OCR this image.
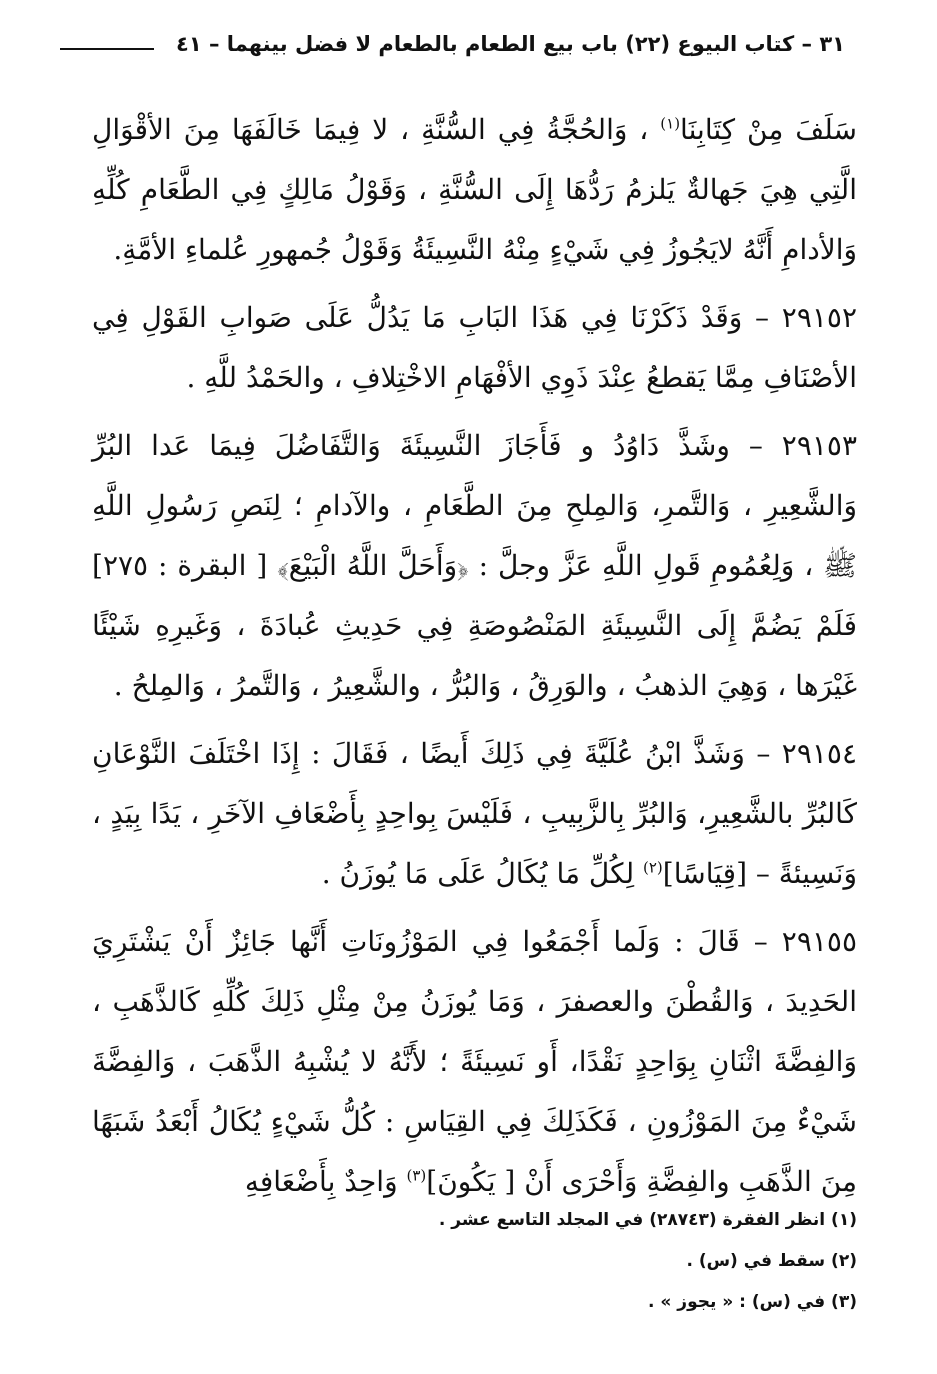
٣١ – كتاب البيوع (٢٢) باب بيع الطعام بالطعام لا فضل بينهما – ٤١

سَلَفَ مِنْ كِتَابِنَا$^{(١)}$ ، وَالحُجَّةُ فِي السُّنَّةِ ، لا فِيمَا خَالَفَهَا مِنَ الأقْوَالِ الَّتِي هِيَ جَهالةٌ يَلزمُ رَدُّهَا إِلَى السُّنَّةِ ، وَقَوْلُ مَالِكٍ فِي الطَّعَامِ كُلِّهِ وَالأدامِ أَنَّهُ لايَجُوزُ فِي شَيْءٍ مِنْهُ النَّسِيئَةُ وَقَوْلُ جُمهورِ عُلماءِ الأمَّةِ.

٢٩١٥٢ – وَقَدْ ذَكَرْنَا فِي هَذَا البَابِ مَا يَدُلُّ عَلَى صَوابِ القَوْلِ فِي الأصْنَافِ مِمَّا يَقطعُ عِنْدَ ذَوِي الأفْهَامِ الاخْتِلافِ ، والحَمْدُ للَّهِ .

٢٩١٥٣ – وشَذَّ دَاوُدُ و فَأَجَازَ النَّسِيئَةَ وَالتَّفَاضُلَ فِيمَا عَدا البُرِّ وَالشَّعِيرِ ، وَالتَّمرِ، وَالمِلحِ مِنَ الطَّعَامِ ، والآدامِ ؛ لِنَصِ رَسُولِ اللَّهِ ﷺ ، وَلِعُمُومِ قَولِ اللَّهِ عَزَّ وجلَّ : ﴿وَأَحَلَّ اللَّهُ الْبَيْعَ﴾ [ البقرة : ٢٧٥] فَلَمْ يَضُمَّ إِلَى النَّسِيئَةِ المَنْصُوصَةِ فِي حَدِيثِ عُبادَةَ ، وَغَيرِهِ شَيْئًا غَيْرَها ، وَهِيَ الذهبُ ، والوَرِقُ ، وَالبُرُّ ، والشَّعِيرُ ، وَالتَّمرُ ، وَالمِلحُ .

٢٩١٥٤ – وَشَذَّ ابْنُ عُلَيَّةَ فِي ذَلِكَ أَيضًا ، فَقَالَ : إِذَا اخْتَلَفَ النَّوْعَانِ كَالبُرِّ بالشَّعِيرِ، وَالبُرِّ بِالزَّبِيبِ ، فَلَيْسَ بِواحِدٍ بِأَضْعَافِ الآخَرِ ، يَدًا بِيَدٍ ، وَنَسِيئةً – [قِيَاسًا]$^{(٢)}$ لِكُلِّ مَا يُكَالُ عَلَى مَا يُوزَنُ .

٢٩١٥٥ – قَالَ : وَلَما أَجْمَعُوا فِي المَوْزُونَاتِ أَنَّها جَائِزٌ أَنْ يَشْتَرِيَ الحَدِيدَ ، وَالقُطْنَ والعصفرَ ، وَمَا يُوزَنُ مِنْ مِثْلِ ذَلِكَ كُلِّهِ كَالذَّهَبِ ، وَالفِضَّةَ اثْنَانِ بِوَاحِدٍ نَقْدًا، أَو نَسِيئَةً ؛ لأَنَّهُ لا يُشْبِهُ الذَّهَبَ ، وَالفِضَّةَ شَيْءٌ مِنَ المَوْزُونِ ، فَكَذَلِكَ فِي القِيَاسِ : كُلُّ شَيْءٍ يُكَالُ أَبْعَدُ شَبَهًا مِنَ الذَّهَبِ والفِضَّةِ وَأَحْرَى أَنْ [ يَكُونَ]$^{(٣)}$ وَاحِدٌ بِأَضْعَافِهِ

(١) انظر الفقرة (٢٨٧٤٣) في المجلد التاسع عشر .
(٢) سقط في (س) .
(٣) في (س) : « يجوز » .
